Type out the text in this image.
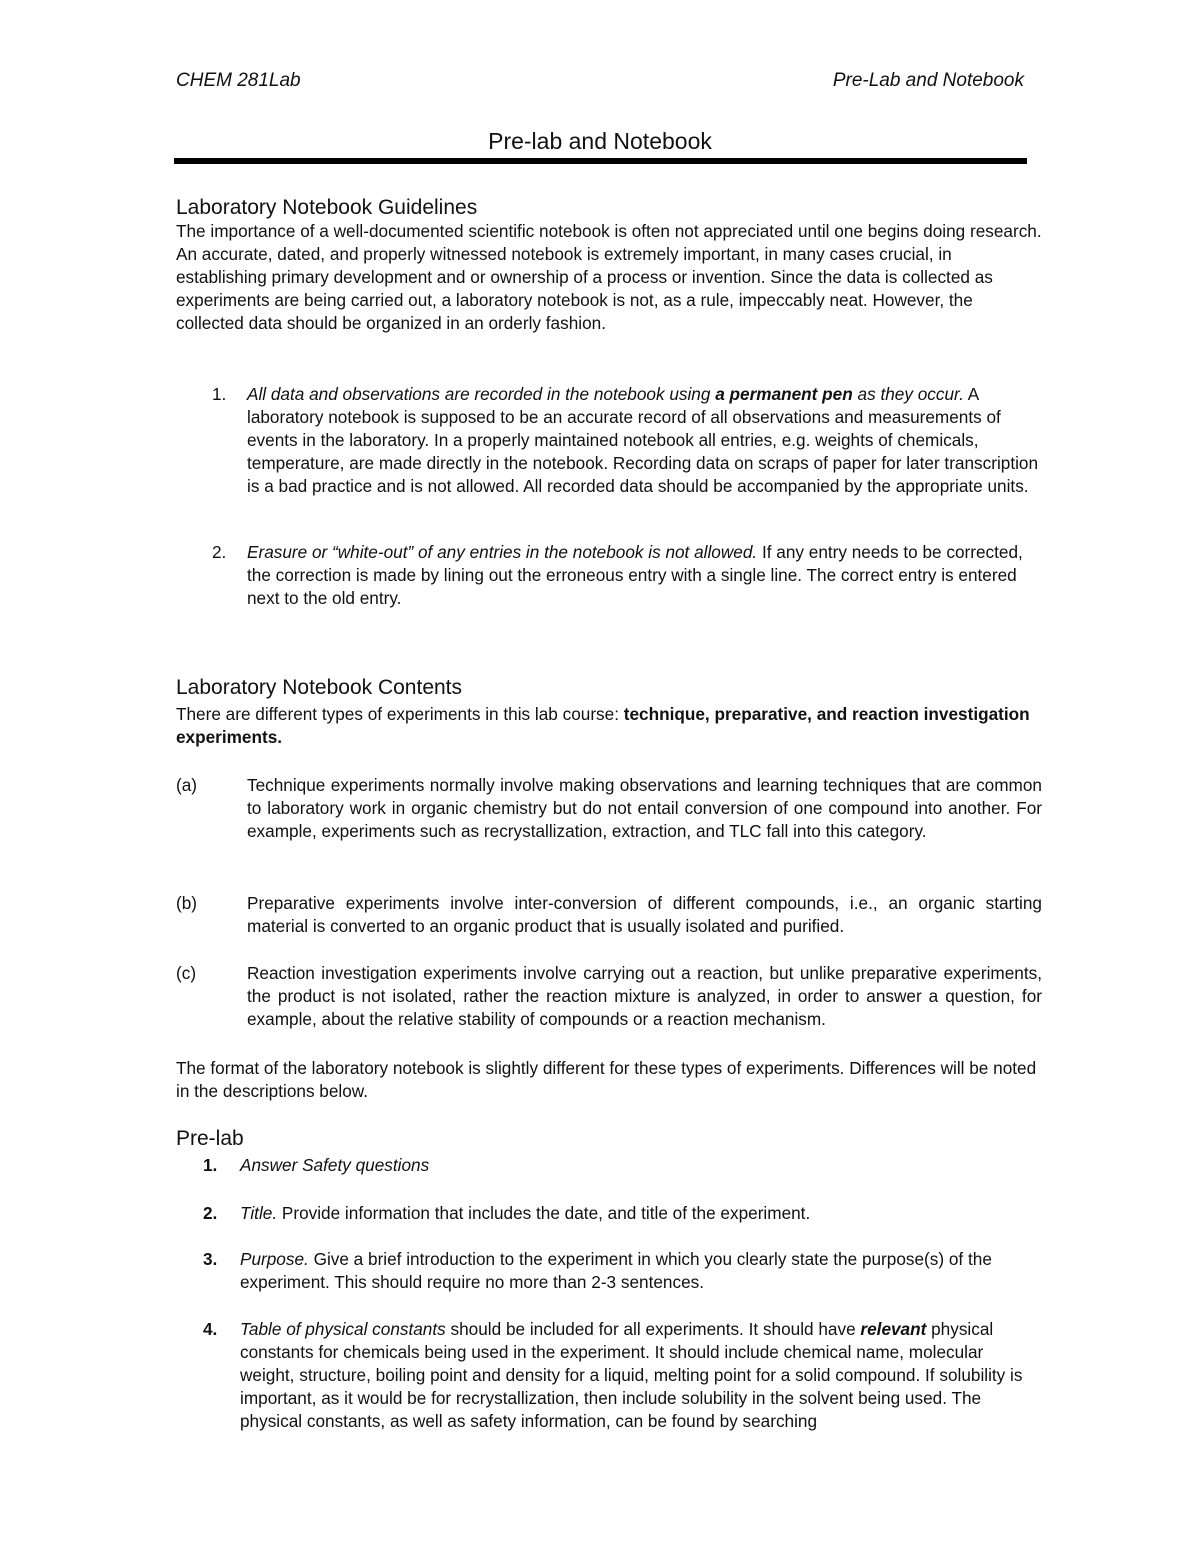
CHEM 281Lab	Pre-Lab and Notebook
Pre-lab and Notebook
Laboratory Notebook Guidelines
The importance of a well-documented scientific notebook is often not appreciated until one begins doing research. An accurate, dated, and properly witnessed notebook is extremely important, in many cases crucial, in establishing primary development and or ownership of a process or invention. Since the data is collected as experiments are being carried out, a laboratory notebook is not, as a rule, impeccably neat. However, the collected data should be organized in an orderly fashion.
1. All data and observations are recorded in the notebook using a permanent pen as they occur. A laboratory notebook is supposed to be an accurate record of all observations and measurements of events in the laboratory. In a properly maintained notebook all entries, e.g. weights of chemicals, temperature, are made directly in the notebook. Recording data on scraps of paper for later transcription is a bad practice and is not allowed. All recorded data should be accompanied by the appropriate units.
2. Erasure or “white-out” of any entries in the notebook is not allowed. If any entry needs to be corrected, the correction is made by lining out the erroneous entry with a single line. The correct entry is entered next to the old entry.
Laboratory Notebook Contents
There are different types of experiments in this lab course: technique, preparative, and reaction investigation experiments.
(a)	Technique experiments normally involve making observations and learning techniques that are common to laboratory work in organic chemistry but do not entail conversion of one compound into another. For example, experiments such as recrystallization, extraction, and TLC fall into this category.
(b)	Preparative experiments involve inter-conversion of different compounds, i.e., an organic starting material is converted to an organic product that is usually isolated and purified.
(c)	Reaction investigation experiments involve carrying out a reaction, but unlike preparative experiments, the product is not isolated, rather the reaction mixture is analyzed, in order to answer a question, for example, about the relative stability of compounds or a reaction mechanism.
The format of the laboratory notebook is slightly different for these types of experiments. Differences will be noted in the descriptions below.
Pre-lab
1. Answer Safety questions
2. Title. Provide information that includes the date, and title of the experiment.
3. Purpose. Give a brief introduction to the experiment in which you clearly state the purpose(s) of the experiment. This should require no more than 2-3 sentences.
4. Table of physical constants should be included for all experiments. It should have relevant physical constants for chemicals being used in the experiment. It should include chemical name, molecular weight, structure, boiling point and density for a liquid, melting point for a solid compound. If solubility is important, as it would be for recrystallization, then include solubility in the solvent being used. The physical constants, as well as safety information, can be found by searching
